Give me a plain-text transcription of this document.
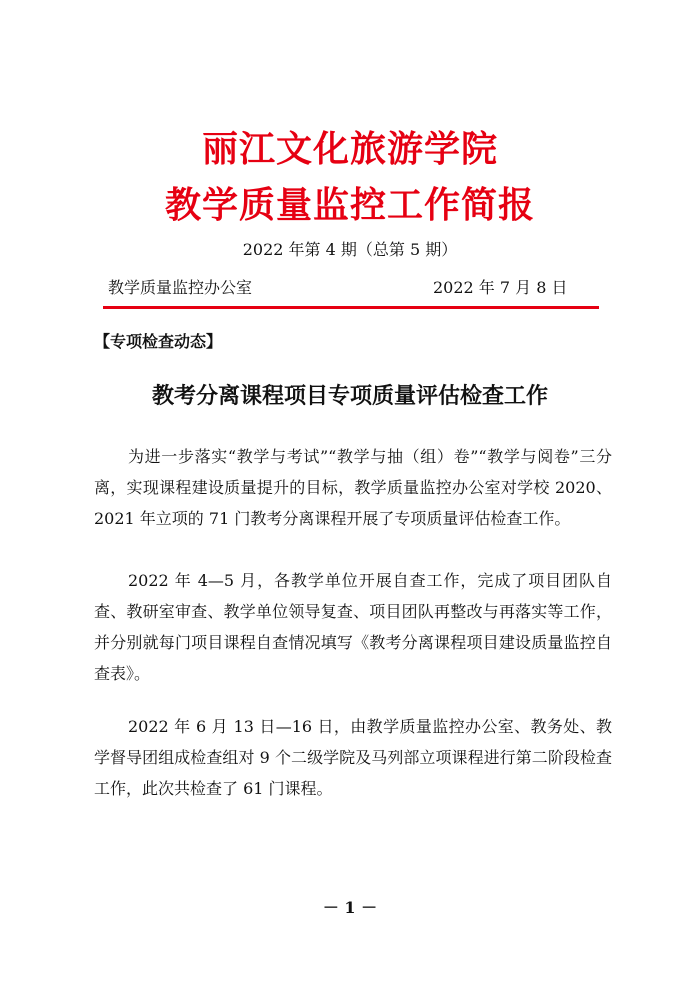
丽江文化旅游学院
教学质量监控工作简报
2022 年第 4 期（总第 5 期）
教学质量监控办公室	2022 年 7 月 8 日
【专项检查动态】
教考分离课程项目专项质量评估检查工作

为进一步落实“教学与考试”“教学与抽（组）卷”“教学与阅卷”三分离，实现课程建设质量提升的目标，教学质量监控办公室对学校 2020、2021 年立项的 71 门教考分离课程开展了专项质量评估检查工作。

2022 年 4—5 月，各教学单位开展自查工作，完成了项目团队自查、教研室审查、教学单位领导复查、项目团队再整改与再落实等工作，并分别就每门项目课程自查情况填写《教考分离课程项目建设质量监控自查表》。

2022 年 6 月 13 日—16 日，由教学质量监控办公室、教务处、教学督导团组成检查组对 9 个二级学院及马列部立项课程进行第二阶段检查工作，此次共检查了 61 门课程。

－ 1 －
